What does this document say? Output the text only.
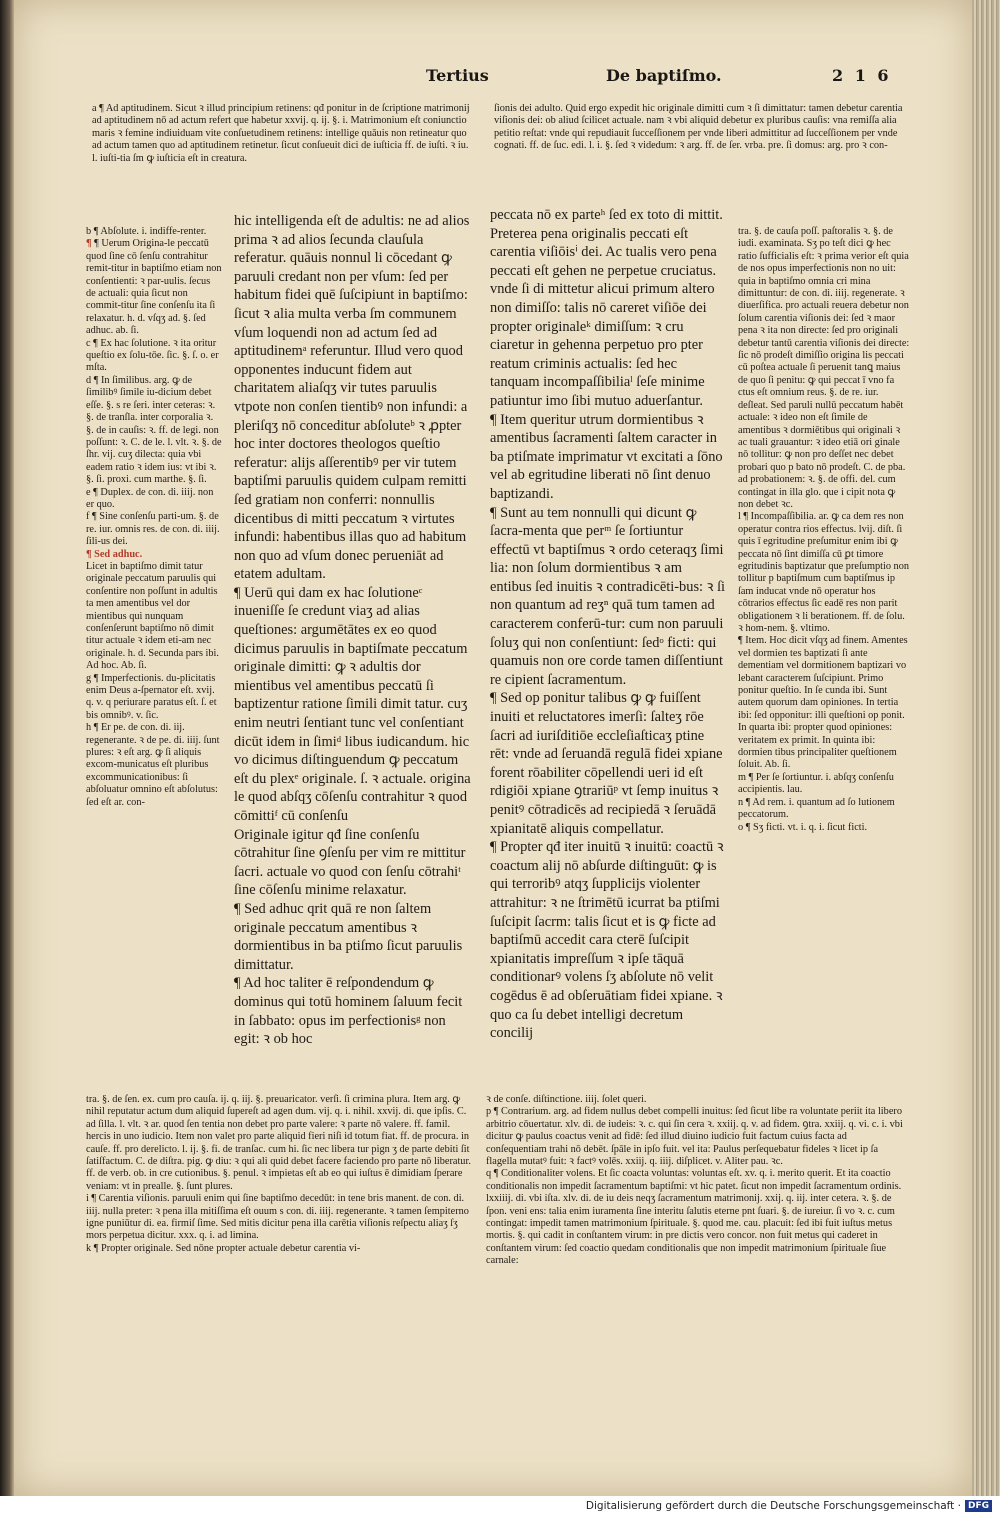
Tertius	De baptiſmo.	2 1 6
a ¶ Ad aptitudinem. Sicut ꝛ illud principium retinens: qđ ponitur in de ſcriptione matrimonij ad aptitudinem nō ad actum refert que habetur xxvij. q. ij. §. i. Matrimonium eſt coniunctio maris ꝛ femine indiuiduam vite conſuetudinem retinens: intellige quāuis non retineatur quo ad actum tamen quo ad aptitudinem retinetur. ſicut conſueuit dici de iuſticia ff. de iuſti. ꝛ iu. l. iuſti-tia ſm ꝙ iuſticia eſt in creatura.
ſionis dei adulto. Quid ergo expedit hic originale dimitti cum ꝛ ſi dimittatur: tamen debetur carentia viſionis dei: ob aliud ſcilicet actuale. nam ꝛ vbi aliquid debetur ex pluribus cauſis: vna remiſſa alia petitio reſtat: vnde qui repudiauit ſucceſſionem per vnde liberi admittitur ad ſucceſſionem per vnde cognati. ff. de ſuc. edi. l. i. §. ſed ꝛ videdum: ꝛ arg. ff. de ſer. vrba. pre. ſi domus: arg. pro ꝛ con-

b ¶ Abſolute. i. indiffe-renter.

¶ ¶ Uerum Origina-le peccatū quod ſine cō ſenſu contrahitur remit-titur in baptiſmo etiam non conſentienti: ꝛ par-uulis. ſecus de actuali: quia ſicut non commit-titur ſine conſenſu ita ſi relaxatur. h. d. vſqʒ ad. §. ſed adhuc. ab. ſi.

c ¶ Ex hac ſolutione. ꝛ ita oritur queſtio ex ſolu-tōe. ſic. §. ſ. o. er mſta.

d ¶ In ſimilibus. arg. ꝙ de ſimilibꝰ ſimile iu-dicium debet eſſe. §. s re ſeri. inter ceteras: ꝛ. §. de tranſla. inter corporalia ꝛ. §. de in cauſis: ꝛ. ff. de legi. non poſſunt: ꝛ. C. de le. l. vlt. ꝛ. §. de ſhr. vij. cuʒ dilecta: quia vbi eadem ratio ꝛ idem ius: vt ibi ꝛ. §. ſi. proxi. cum marthe. §. ſi.

e ¶ Duplex. de con. di. iiij. non er quo.

f ¶ Sine conſenſu parti-um. §. de re. iur. omnis res. de con. di. iiij. ſili-us dei.

¶ Sed adhuc.

Licet in baptiſmo dimit tatur originale peccatum paruulis qui conſentire non poſſunt in adultis ta men amentibus vel dor mientibus qui nunquam conſenſerunt baptiſmo nō dimit titur actuale ꝛ idem eti-am nec originale. h. d. Secunda pars ibi. Ad hoc. Ab. ſi.

g ¶ Imperfectionis. du-plicitatis enim Deus a-ſpernator eſt. xvij. q. v. q periurare paratus eſt. ſ. et bis omnibꝰ. v. ſic.

h ¶ Er pe. de con. di. iij. regenerante. ꝛ de pe. di. iiij. ſunt plures: ꝛ eſt arg. ꝙ ſi aliquis excom-municatus eſt pluribus excommunicationibus: ſi abſoluatur omnino eſt abſolutus: ſed eſt ar. con-

hic intelligenda eſt de adultis: ne ad alios prima ꝛ ad alios ſecunda clauſula referatur. quāuis nonnul li cōcedant ꝙ paruuli credant non per vſum: ſed per habitum fidei quē ſuſcipiunt in baptiſmo: ſicut ꝛ alia multa verba ſm communem vſum loquendi non ad actum ſed ad aptitudinemᵃ referuntur. Illud vero quod opponentes inducunt fidem aut charitatem aliaſqʒ vir tutes paruulis vtpote non conſen tientibꝰ non infundi: a pleriſqʒ nō conceditur abſoluteᵇ ꝛ ꝓpter hoc inter doctores theologos queſtio referatur: alijs aſſerentibꝰ per vir tutem baptiſmi paruulis quidem culpam remitti ſed gratiam non conferri: nonnullis dicentibus di mitti peccatum ꝛ virtutes infundi: habentibus illas quo ad habitum non quo ad vſum donec perueniāt ad etatem adultam.

¶ Uerū qui dam ex hac ſolutioneᶜ inueniſſe ſe credunt viaʒ ad alias queſtiones: argumētātes ex eo quod dicimus paruulis in baptiſmate peccatum originale dimitti: ꝙ ꝛ adultis dor mientibus vel amentibus peccatū ſi baptizentur ratione ſimili dimit tatur. cuʒ enim neutri ſentiant tunc vel conſentiant dicūt idem in ſimiᵈ libus iudicandum. hic vo dicimus diſtinguendum ꝙ peccatum eſt du plexᵉ originale. ſ. ꝛ actuale. origina le quod abſqʒ cōſenſu contrahitur ꝛ quod cōmittiᶠ cū conſenſu

Originale igitur qđ ſine conſenſu cōtrahitur ſine ꝯſenſu per vim re mittitur ſacri. actuale vo quod con ſenſu cōtrahiᵗ ſine cōſenſu minime relaxatur.

¶ Sed adhuc qrit quā re non ſaltem originale peccatum amentibus ꝛ dormientibus in ba ptiſmo ſicut paruulis dimittatur.

¶ Ad hoc taliter ē reſpondendum ꝙ dominus qui totū hominem ſaluum fecit in ſabbato: opus im perfectionisᵍ non egit: ꝛ ob hoc

peccata nō ex parteʰ ſed ex toto di mittit. Preterea pena originalis peccati eſt carentia viſiōisⁱ dei. Ac tualis vero pena peccati eſt gehen ne perpetue cruciatus. vnde ſi di mittetur alicui primum altero non dimiſſo: talis nō careret viſiōe dei propter originaleᵏ dimiſſum: ꝛ cru ciaretur in gehenna perpetuo pro pter reatum criminis actualis: ſed hec tanquam incompaſſibiliaˡ ſeſe minime patiuntur imo ſibi mutuo aduerſantur.

¶ Item queritur utrum dormientibus ꝛ amentibus ſacramenti ſaltem caracter in ba ptiſmate imprimatur vt excitati a ſōno vel ab egritudine liberati nō ſint denuo baptizandi.

¶ Sunt au tem nonnulli qui dicunt ꝙ ſacra-menta que perᵐ ſe ſortiuntur effectū vt baptiſmus ꝛ ordo ceteraqʒ ſimi lia: non ſolum dormientibus ꝛ am entibus ſed inuitis ꝛ contradicēti-bus: ꝛ ſi non quantum ad reʒⁿ quā tum tamen ad caracterem conferū-tur: cum non paruuli ſoluʒ qui non conſentiunt: ſedᵒ ficti: qui quamuis non ore corde tamen diſſentiunt re cipient ſacramentum.

¶ Sed op ponitur talibus ꝙ ꝙ fuiſſent inuiti et reluctatores imerſi: ſalteʒ rōe ſacri ad iuriſditiōe eccleſiaſticaʒ ptine rēt: vnde ad ſeruandā regulā fidei xpiane forent rōabiliter cōpellendi ueri id eſt rdigiōi xpiane ꝯtrariūᵖ vt ſemp inuitus ꝛ penitꝰ cōtradicēs ad recipiedā ꝛ ſeruādā xpianitatē aliquis compellatur.

¶ Propter qđ iter inuitū ꝛ inuitū: coactū ꝛ coactum alij nō abſurde diſtinguūt: ꝙ is qui terroribꝰ atqʒ ſupplicijs violenter attrahitur: ꝛ ne ſtrimētū icurrat ba ptiſmi ſuſcipit ſacrm: talis ſicut et is ꝙ ficte ad baptiſmū accedit cara cterē ſuſcipit xpianitatis impreſſum ꝛ ipſe tāquā conditionarꝰ volens ſʒ abſolute nō velit cogēdus ē ad obſeruātiam fidei xpiane. ꝛ quo ca ſu debet intelligi decretum concilij

tra. §. de cauſa poſſ. paſtoralis ꝛ. §. de iudi. examinata. Sʒ po teſt dici ꝙ hec ratio ſufficialis eſt: ꝛ prima verior eſt quia de nos opus imperfectionis non no uit: quia in baptiſmo omnia cri mina dimittuntur: de con. di. iiij. regenerate. ꝛ diuerſifica. pro actuali reuera debetur non ſolum carentia viſionis dei: ſed ꝛ maor pena ꝛ ita non directe: ſed pro originali debetur tantū carentia viſionis dei directe: ſic nō prodeſt dimiſſio origina lis peccati cū poſtea actuale ſi peruenit tanꝗ maius de quo ſi penitu: ꝙ qui peccat ī vno fa ctus eſt omnium reus. §. de re. iur. deſleat. Sed paruli nullū peccatum habēt actuale: ꝛ ideo non eſt ſimile de amentibus ꝛ dormiētibus qui originali ꝛ ac tuali grauantur: ꝛ ideo etiā ori ginale nō tollitur: ꝙ non pro deſſet nec debet probari quo p bato nō prodeſt. C. de pba. ad probationem: ꝛ. §. de offi. del. cum contingat in illa glo. que i cipit nota ꝙ non debet ꝛc.

l ¶ Incompaſſibilia. ar. ꝙ ca dem res non operatur contra rios effectus. lvij. diſt. ſi quis ī egritudine preſumitur enim ibi ꝙ peccata nō ſint dimiſſa cū ꝑt timore egritudinis baptizatur que preſumptio non tollitur p baptiſmum cum baptiſmus ip ſam inducat vnde nō operatur hos cōtrarios effectus ſic eadē res non parit obligationem ꝛ li berationem. ff. de ſolu. ꝛ hom-nem. §. vltimo.

¶ Item. Hoc dicit vſqʒ ad finem. Amentes vel dormien tes baptizati ſi ante dementiam vel dormitionem baptizari vo lebant caracterem ſuſcipiunt. Primo ponitur queſtio. In ſe cunda ibi. Sunt autem quorum dam opiniones. In tertia ibi: ſed opponitur: illi queſtioni op ponit. In quarta ibi: propter quod opiniones: veritatem ex primit. In quinta ibi: dormien tibus principaliter queſtionem ſoluit. Ab. ſi.

m ¶ Per ſe ſortiuntur. i. abſqʒ conſenſu accipientis. lau.

n ¶ Ad rem. i. quantum ad ſo lutionem peccatorum.

o ¶ Sʒ ficti. vt. i. q. i. ſicut ficti.

tra. §. de ſen. ex. cum pro cauſa. ij. q. iij. §. preuaricator. verſi. ſi crimina plura. Item arg. ꝙ nihil reputatur actum dum aliquid ſupereſt ad agen dum. vij. q. i. nihil. xxvij. di. que ipſis. C. ad ſilla. l. vlt. ꝛ ar. quod ſen tentia non debet pro parte valere: ꝛ parte nō valere. ff. famil. hercis in uno iudicio. Item non valet pro parte aliquid fieri niſi id totum fiat. ff. de procura. in cauſe. ff. pro derelicto. l. ij. §. fi. de tranſac. cum hi. ſic nec libera tur pign ʒ de parte debiti ſit ſatiſfactum. C. de diſtra. pig. ꝙ diu: ꝛ qui ali quid debet facere faciendo pro parte nō liberatur. ff. de verb. ob. in cre cutionibus. §. penul. ꝛ impietas eſt ab eo qui iuſtus ē dimidiam ſperare veniam: vt in prealle. §. ſunt plures.

i ¶ Carentia viſionis. paruuli enim qui ſine baptiſmo decedūt: in tene bris manent. de con. di. iiij. nulla preter: ꝛ pena illa mitiſſima eſt ouum s con. di. iiij. regenerante. ꝛ tamen ſempiterno igne puniūtur di. ea. firmiſ ſime. Sed mitis dicitur pena illa carētia viſionis reſpectu aliaʒ ſʒ mors perpetua dicitur. xxx. q. i. ad limina.

k ¶ Propter originale. Sed nōne propter actuale debetur carentia vi-

ꝛ de conſe. diſtinctione. iiij. ſolet queri.

p ¶ Contrarium. arg. ad fidem nullus debet compelli inuitus: ſed ſicut libe ra voluntate periit ita libero arbitrio cōuertatur. xlv. di. de iudeis: ꝛ. c. qui ſin cera ꝛ. xxiij. q. v. ad fidem. ꝯtra. xxiij. q. vi. c. i. vbi dicitur ꝙ paulus coactus venit ad fidē: ſed illud diuino iudicio fuit factum cuius facta ad conſequentiam trahi nō debēt. ſpāle in ipſo fuit. vel ita: Paulus perſequebatur fideles ꝛ licet ip ſa flagella mutatꝰ fuit: ꝛ factꝰ volēs. xxiij. q. iiij. diſplicet. v. Aliter pau. ꝛc.

q ¶ Conditionaliter volens. Et ſic coacta voluntas: voluntas eſt. xv. q. i. merito querit. Et ita coactio conditionalis non impedit ſacramentum baptiſmi: vt hic patet. ſicut non impedit ſacramentum ordinis. lxxiiij. di. vbi iſta. xlv. di. de iu deis neqʒ ſacramentum matrimonij. xxij. q. iij. inter cetera. ꝛ. §. de ſpon. veni ens: talia enim iuramenta ſine interitu ſalutis eterne pnt ſuari. §. de iureiur. ſi vo ꝛ. c. cum contingat: impedit tamen matrimonium ſpirituale. §. quod me. cau. placuit: ſed ibi fuit iuſtus metus mortis. §. qui cadit in conſtantem virum: in pre dictis vero concor. non fuit metus qui caderet in conſtantem virum: ſed coactio quedam conditionalis que non impedit matrimonium ſpirituale ſiue carnale:

Digitalisierung gefördert durch die Deutsche Forschungsgemeinschaft · DFG
